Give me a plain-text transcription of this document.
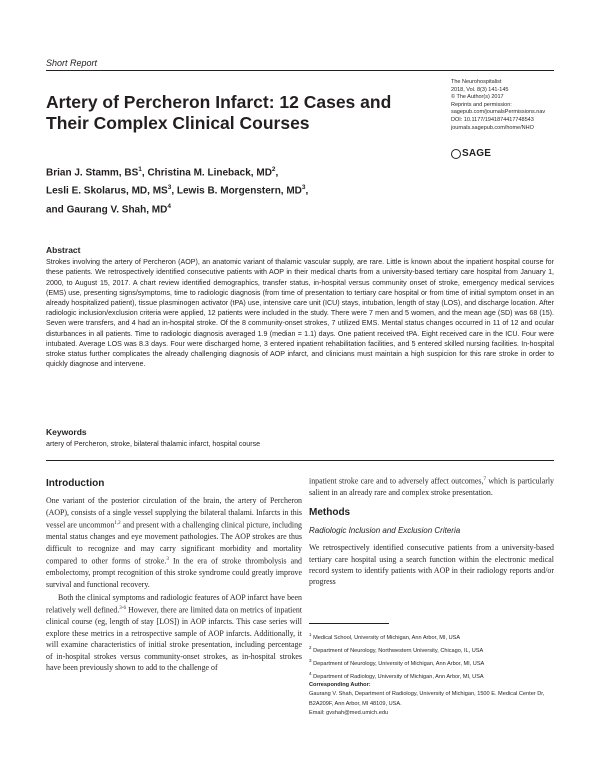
Short Report
Artery of Percheron Infarct: 12 Cases and Their Complex Clinical Courses
The Neurohospitalist
2018, Vol. 8(3) 141-145
© The Author(s) 2017
Reprints and permission:
sagepub.com/journalsPermissions.nav
DOI: 10.1177/1941874417748543
journals.sagepub.com/home/NHO
SAGE
Brian J. Stamm, $BS^1$, Christina M. Lineback, $MD^2$,
Lesli E. Skolarus, MD, $MS^3$, Lewis B. Morgenstern, $MD^3$,
and Gaurang V. Shah, $MD^4$
Abstract
Strokes involving the artery of Percheron (AOP), an anatomic variant of thalamic vascular supply, are rare. Little is known about the inpatient hospital course for these patients. We retrospectively identified consecutive patients with AOP in their medical charts from a university-based tertiary care hospital from January 1, 2000, to August 15, 2017. A chart review identified demographics, transfer status, in-hospital versus community onset of stroke, emergency medical services (EMS) use, presenting signs/symptoms, time to radiologic diagnosis (from time of presentation to tertiary care hospital or from time of initial symptom onset in an already hospitalized patient), tissue plasminogen activator (tPA) use, intensive care unit (ICU) stays, intubation, length of stay (LOS), and discharge location. After radiologic inclusion/exclusion criteria were applied, 12 patients were included in the study. There were 7 men and 5 women, and the mean age (SD) was 68 (15). Seven were transfers, and 4 had an in-hospital stroke. Of the 8 community-onset strokes, 7 utilized EMS. Mental status changes occurred in 11 of 12 and ocular disturbances in all patients. Time to radiologic diagnosis averaged 1.9 (median = 1.1) days. One patient received tPA. Eight received care in the ICU. Four were intubated. Average LOS was 8.3 days. Four were discharged home, 3 entered inpatient rehabilitation facilities, and 5 entered skilled nursing facilities. In-hospital stroke status further complicates the already challenging diagnosis of AOP infarct, and clinicians must maintain a high suspicion for this rare stroke in order to quickly diagnose and intervene.
Keywords
artery of Percheron, stroke, bilateral thalamic infarct, hospital course
Introduction

One variant of the posterior circulation of the brain, the artery of Percheron (AOP), consists of a single vessel supplying the bilateral thalami. Infarcts in this vessel are uncommon$^{1,2}$ and present with a challenging clinical picture, including mental status changes and eye movement pathologies. The AOP strokes are thus difficult to recognize and may carry significant morbidity and mortality compared to other forms of stroke.$^3$ In the era of stroke thrombolysis and embolectomy, prompt recognition of this stroke syndrome could greatly improve survival and functional recovery.

Both the clinical symptoms and radiologic features of AOP infarct have been relatively well defined.$^{3-6}$ However, there are limited data on metrics of inpatient clinical course (eg, length of stay [LOS]) in AOP infarcts. This case series will explore these metrics in a retrospective sample of AOP infarcts. Additionally, it will examine characteristics of initial stroke presentation, including percentage of in-hospital strokes versus community-onset strokes, as in-hospital strokes have been previously shown to add to the challenge of

inpatient stroke care and to adversely affect outcomes,$^7$ which is particularly salient in an already rare and complex stroke presentation.

Methods
Radiologic Inclusion and Exclusion Criteria

We retrospectively identified consecutive patients from a university-based tertiary care hospital using a search function within the electronic medical record system to identify patients with AOP in their radiology reports and/or progress

$^1$ Medical School, University of Michigan, Ann Arbor, MI, USA
$^2$ Department of Neurology, Northwestern University, Chicago, IL, USA
$^3$ Department of Neurology, University of Michigan, Ann Arbor, MI, USA
$^4$ Department of Radiology, University of Michigan, Ann Arbor, MI, USA
Corresponding Author:
Gaurang V. Shah, Department of Radiology, University of Michigan, 1500 E. Medical Center Dr, B2A209F, Ann Arbor, MI 48109, USA.
Email: gvshah@med.umich.edu
